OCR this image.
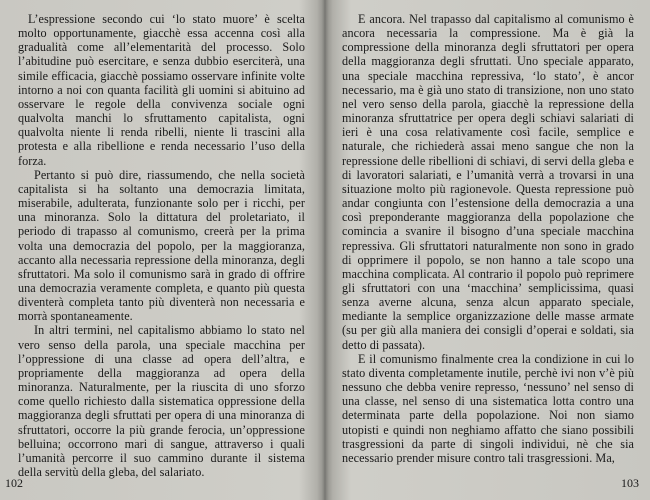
L’espressione secondo cui ‘lo stato muore’ è scelta molto opportunamente, giacchè essa accenna così alla gradualità come all’elementarità del processo. Solo l’abitudine può esercitare, e senza dubbio eserciterà, una simile efficacia, giacchè possiamo osservare infinite volte intorno a noi con quanta facilità gli uomini si abituino ad osservare le regole della convivenza sociale ogni qualvolta manchi lo sfruttamento capitalista, ogni qualvolta niente li renda ribelli, niente li trascini alla protesta e alla ribellione e renda necessario l’uso della forza.

Pertanto si può dire, riassumendo, che nella società capitalista si ha soltanto una democrazia limitata, miserabile, adulterata, funzionante solo per i ricchi, per una minoranza. Solo la dittatura del proletariato, il periodo di trapasso al comunismo, creerà per la prima volta una democrazia del popolo, per la maggioranza, accanto alla necessaria repressione della minoranza, degli sfruttatori. Ma solo il comunismo sarà in grado di offrire una democrazia veramente completa, e quanto più questa diventerà completa tanto più diventerà non necessaria e morrà spontaneamente.

In altri termini, nel capitalismo abbiamo lo stato nel vero senso della parola, una speciale macchina per l’oppressione di una classe ad opera dell’altra, e propriamente della maggioranza ad opera della minoranza. Naturalmente, per la riuscita di uno sforzo come quello richiesto dalla sistematica oppressione della maggioranza degli sfruttati per opera di una minoranza di sfruttatori, occorre la più grande ferocia, un’oppressione belluina; occorrono mari di sangue, attraverso i quali l’umanità percorre il suo cammino durante il sistema della servitù della gleba, del salariato.

102

E ancora. Nel trapasso dal capitalismo al comunismo è ancora necessaria la compressione. Ma è già la compressione della minoranza degli sfruttatori per opera della maggioranza degli sfruttati. Uno speciale apparato, una speciale macchina repressiva, ‘lo stato’, è ancor necessario, ma è già uno stato di transizione, non uno stato nel vero senso della parola, giacchè la repressione della minoranza sfruttatrice per opera degli schiavi salariati di ieri è una cosa relativamente così facile, semplice e naturale, che richiederà assai meno sangue che non la repressione delle ribellioni di schiavi, di servi della gleba e di lavoratori salariati, e l’umanità verrà a trovarsi in una situazione molto più ragionevole. Questa repressione può andar congiunta con l’estensione della democrazia a una così preponderante maggioranza della popolazione che comincia a svanire il bisogno d’una speciale macchina repressiva. Gli sfruttatori naturalmente non sono in grado di opprimere il popolo, se non hanno a tale scopo una macchina complicata. Al contrario il popolo può reprimere gli sfruttatori con una ‘macchina’ semplicissima, quasi senza averne alcuna, senza alcun apparato speciale, mediante la semplice organizzazione delle masse armate (su per giù alla maniera dei consigli d’operai e soldati, sia detto di passata).

E il comunismo finalmente crea la condizione in cui lo stato diventa completamente inutile, perchè ivi non v’è più nessuno che debba venire represso, ‘nessuno’ nel senso di una classe, nel senso di una sistematica lotta contro una determinata parte della popolazione. Noi non siamo utopisti e quindi non neghiamo affatto che siano possibili trasgressioni da parte di singoli individui, nè che sia necessario prender misure contro tali trasgressioni. Ma,

103
